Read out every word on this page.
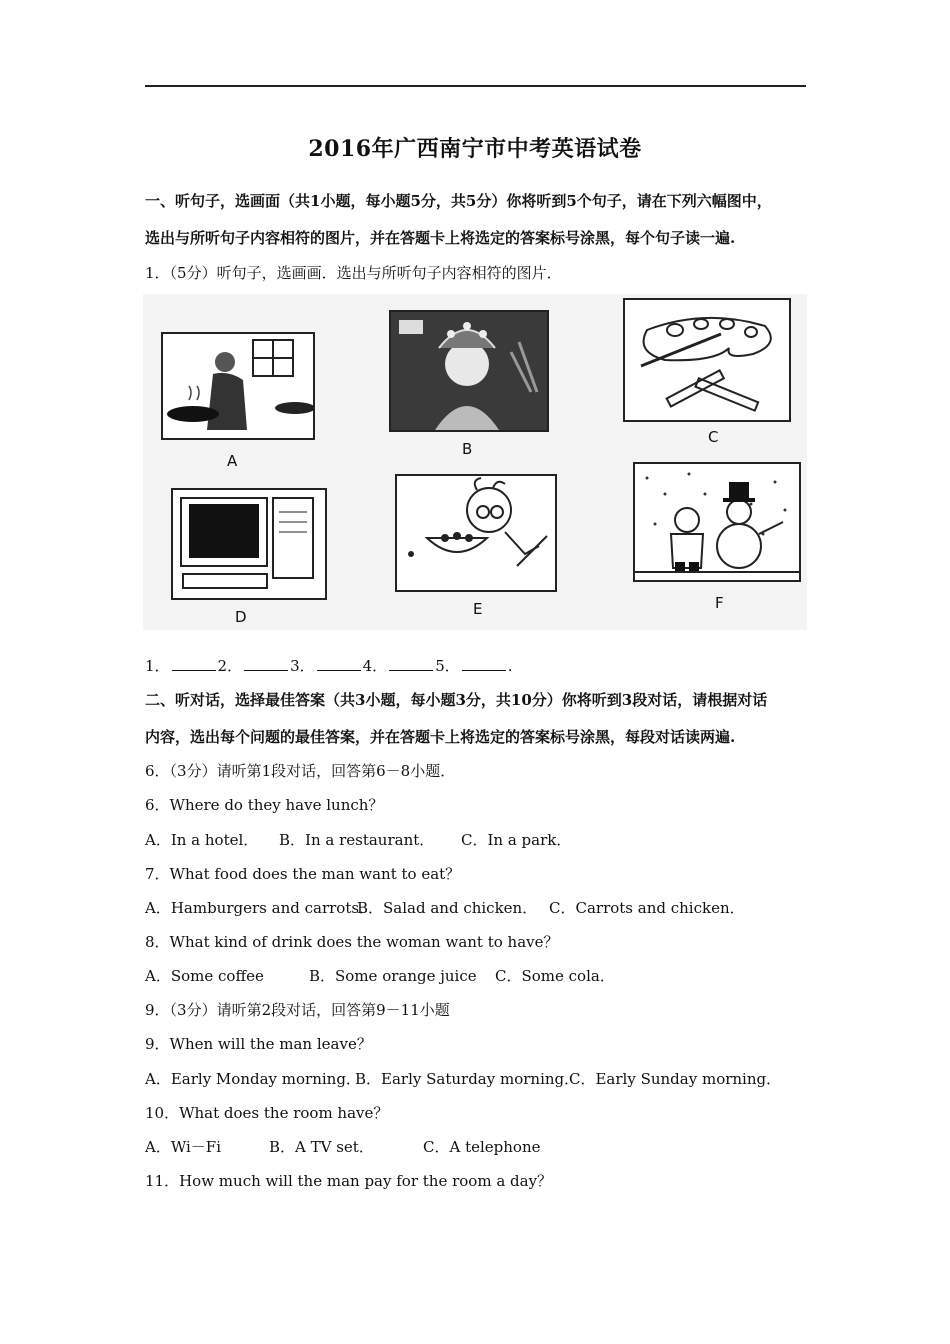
2016年广西南宁市中考英语试卷
一、听句子，选画面（共1小题，每小题5分，共5分）你将听到5个句子，请在下列六幅图中，
选出与所听句子内容相符的图片，并在答题卡上将选定的答案标号涂黑，每个句子读一遍.
1．（5分）听句子，选画画．选出与所听句子内容相符的图片．
A
B
C
D	E	F
1．	2．	3．	4．	5．	.
二、听对话，选择最佳答案（共3小题，每小题3分，共10分）你将听到3段对话，请根据对话
内容，选出每个问题的最佳答案，并在答题卡上将选定的答案标号涂黑，每段对话读两遍.
6．（3分）请听第1段对话，回答第6－8小题．
6．Where do they have lunch？
A．In a hotel． B．In a restaurant． C．In a park．
7．What food does the man want to eat？
A．Hamburgers and carrots．B．Salad and chicken． C．Carrots and chicken．
8．What kind of drink does the woman want to have？
A．Some coffee	B．Some orange juice C．Some cola．
9．（3分）请听第2段对话，回答第9－11小题
9．When will the man leave？
A．Early Monday morning．B．Early Saturday morning．C．Early Sunday morning．
10．What does the room have？
A．Wi－Fi	B．A TV set．	C．A telephone
11．How much will the man pay for the room a day？
